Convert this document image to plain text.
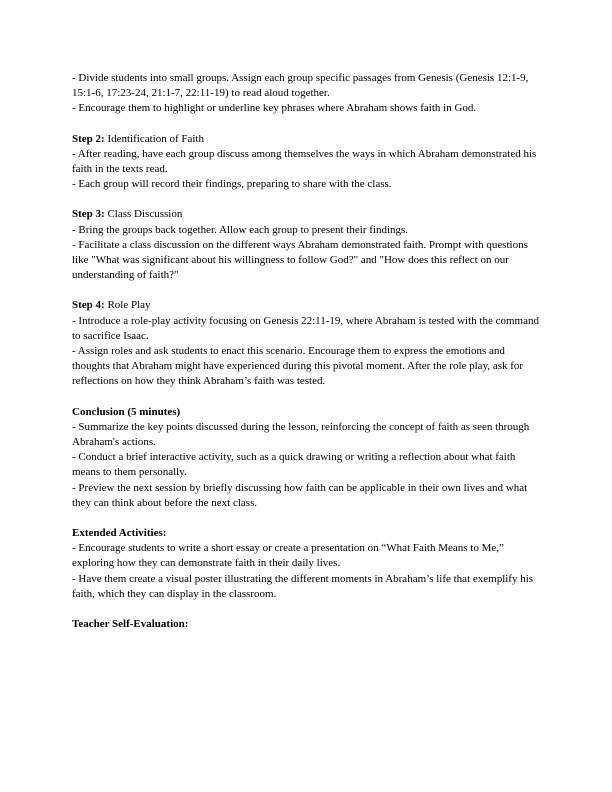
- Divide students into small groups. Assign each group specific passages from Genesis (Genesis 12:1-9, 15:1-6, 17:23-24, 21:1-7, 22:11-19) to read aloud together.
- Encourage them to highlight or underline key phrases where Abraham shows faith in God.
Step 2: Identification of Faith
- After reading, have each group discuss among themselves the ways in which Abraham demonstrated his faith in the texts read.
- Each group will record their findings, preparing to share with the class.
Step 3: Class Discussion
- Bring the groups back together. Allow each group to present their findings.
- Facilitate a class discussion on the different ways Abraham demonstrated faith. Prompt with questions like "What was significant about his willingness to follow God?" and "How does this reflect on our understanding of faith?"
Step 4: Role Play
- Introduce a role-play activity focusing on Genesis 22:11-19, where Abraham is tested with the command to sacrifice Isaac.
- Assign roles and ask students to enact this scenario. Encourage them to express the emotions and thoughts that Abraham might have experienced during this pivotal moment. After the role play, ask for reflections on how they think Abraham’s faith was tested.
Conclusion (5 minutes)
- Summarize the key points discussed during the lesson, reinforcing the concept of faith as seen through Abraham's actions.
- Conduct a brief interactive activity, such as a quick drawing or writing a reflection about what faith means to them personally.
- Preview the next session by briefly discussing how faith can be applicable in their own lives and what they can think about before the next class.
Extended Activities:
- Encourage students to write a short essay or create a presentation on “What Faith Means to Me,” exploring how they can demonstrate faith in their daily lives.
- Have them create a visual poster illustrating the different moments in Abraham’s life that exemplify his faith, which they can display in the classroom.
Teacher Self-Evaluation:
